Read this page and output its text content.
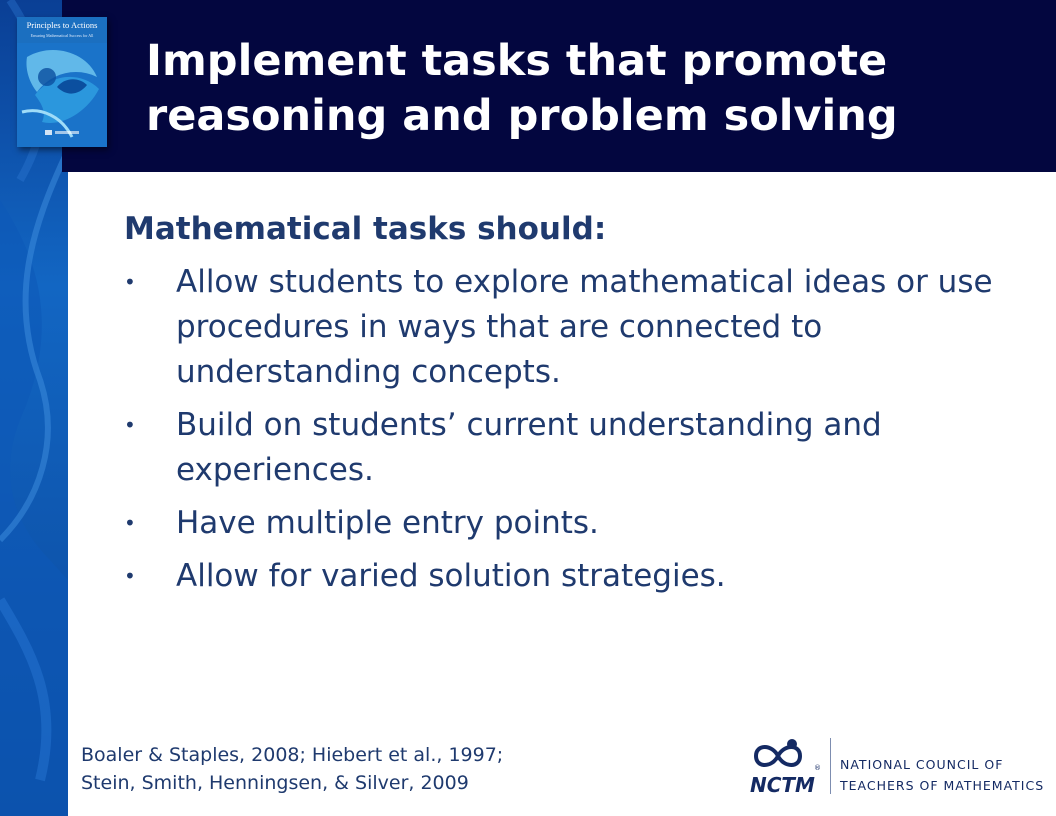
Principles to Actions
Ensuring Mathematical Success for All
Implement tasks that promote
reasoning and problem solving

Mathematical tasks should:

• Allow students to explore mathematical ideas or use procedures in ways that are connected to understanding concepts.
• Build on students’ current understanding and experiences.
• Have multiple entry points.
• Allow for varied solution strategies.
Boaler & Staples, 2008; Hiebert et al., 1997;
Stein, Smith, Henningsen, & Silver, 2009
®
NCTM
NATIONAL COUNCIL OF
TEACHERS OF MATHEMATICS
